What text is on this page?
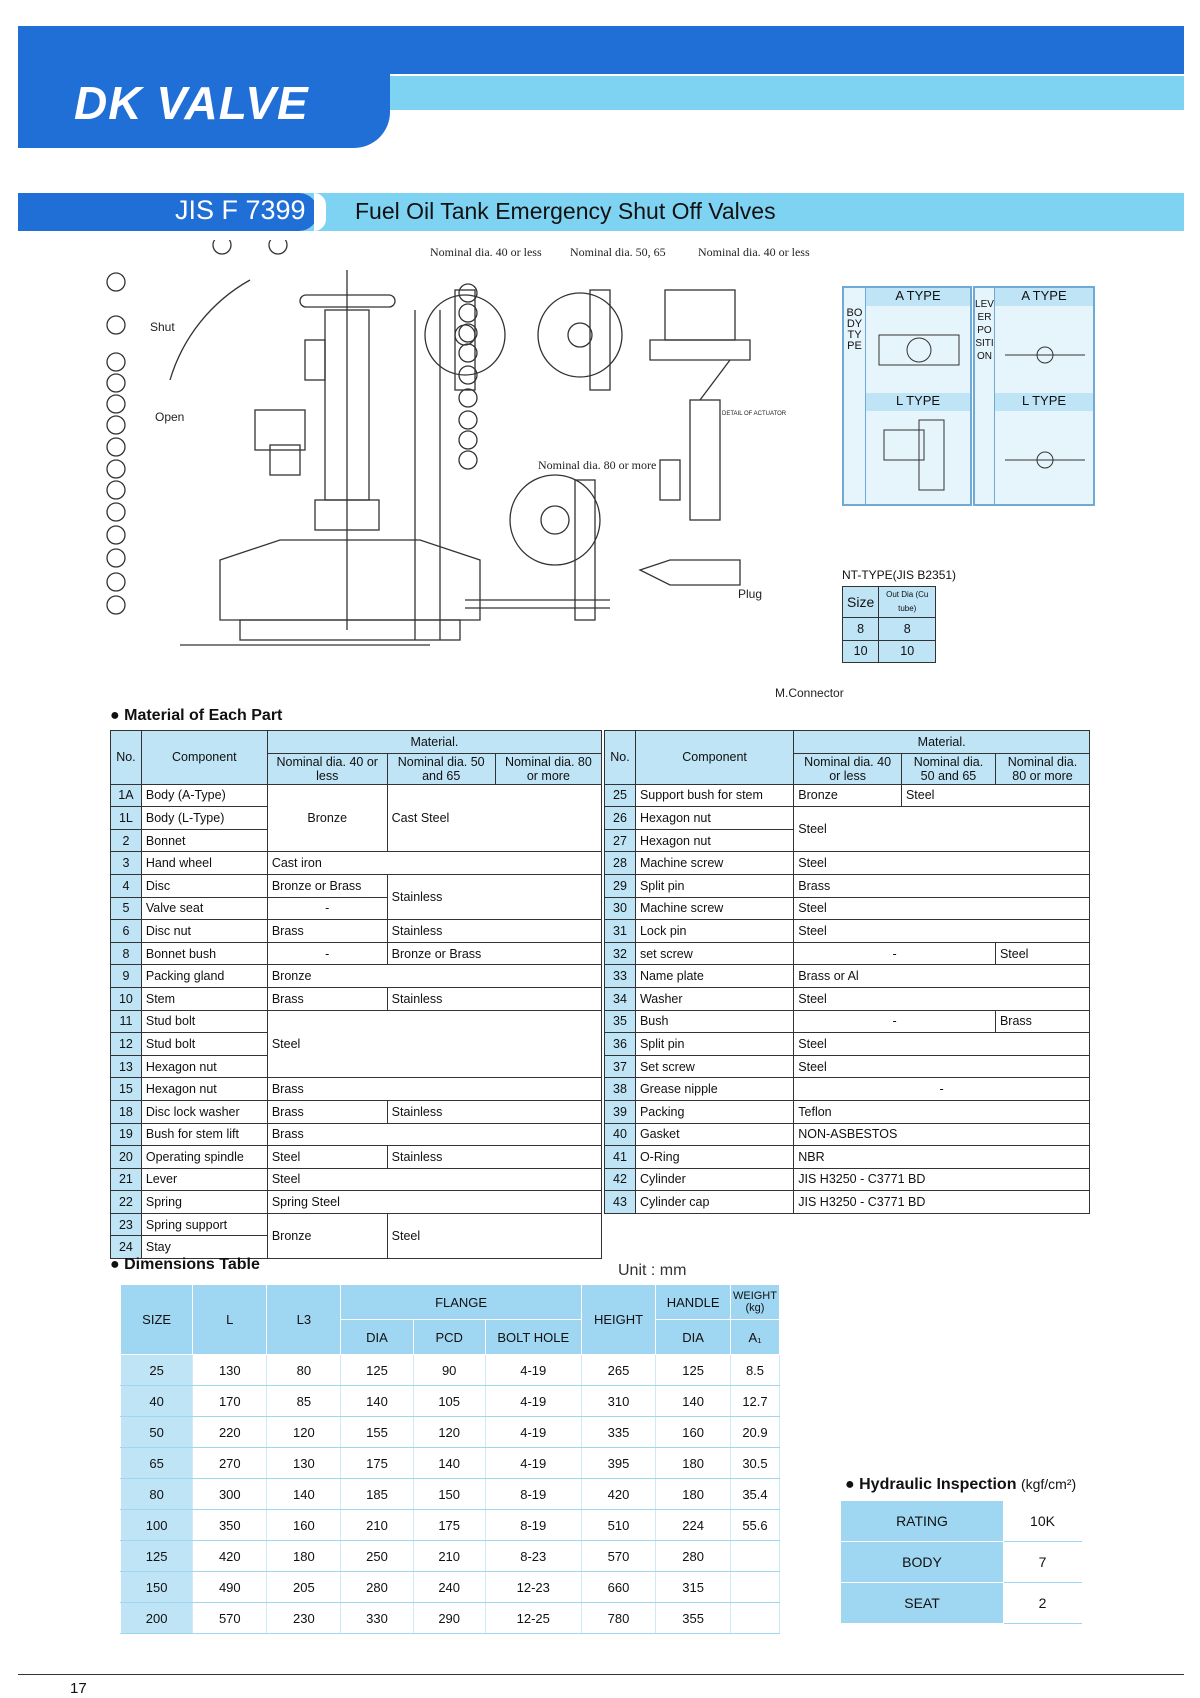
DK VALVE
JIS F 7399 Fuel Oil Tank Emergency Shut Off Valves
Nominal dia. 40 or less Nominal dia. 50, 65	Nominal dia. 40 or less
Nominal dia. 80 or more
Shut
Open
Plug
M.Connector
DETAIL OF ACTUATOR
BODY TYPE
A TYPE
L TYPE
LEVER POSITION
A TYPE
L TYPE
NT-TYPE(JIS B2351)
Size	Out Dia (Cu tube)
8	8
10	10
● Material of Each Part
No.	Component	Material.		
		Nominal dia. 40 or less	Nominal dia. 50 and 65	Nominal dia. 80 or more
1A	Body (A-Type)	Bronze	Cast Steel	
1L	Body (L-Type)			
2	Bonnet			
3	Hand wheel	Cast iron		
4	Disc	Bronze or Brass	Stainless	
5	Valve seat	-		
6	Disc nut	Brass	Stainless	
8	Bonnet bush	-	Bronze or Brass	
9	Packing gland	Bronze		
10	Stem	Brass	Stainless	
11	Stud bolt	Steel		
12	Stud bolt			
13	Hexagon nut			
15	Hexagon nut	Brass		
18	Disc lock washer	Brass	Stainless	
19	Bush for stem lift	Brass		
20	Operating spindle	Steel	Stainless	
21	Lever	Steel		
22	Spring	Spring Steel		
23	Spring support	Bronze	Steel	
24	Stay			
No.	Component	Material.		
		Nominal dia. 40 or less	Nominal dia. 50 and 65	Nominal dia. 80 or more
25	Support bush for stem	Bronze	Steel	
26	Hexagon nut	Steel		
27	Hexagon nut			
28	Machine screw	Steel		
29	Split pin	Brass		
30	Machine screw	Steel		
31	Lock pin	Steel		
32	set screw	-		Steel
33	Name plate	Brass or Al		
34	Washer	Steel		
35	Bush	-		Brass
36	Split pin	Steel		
37	Set screw	Steel		
38	Grease nipple	-		
39	Packing	Teflon		
40	Gasket	NON-ASBESTOS		
41	O-Ring	NBR		
42	Cylinder	JIS H3250 - C3771 BD		
43	Cylinder cap	JIS H3250 - C3771 BD		
● Dimensions Table	Unit : mm
SIZE	L	L3	FLANGE			HEIGHT	HANDLE	WEIGHT (kg)
			DIA	PCD	BOLT HOLE		DIA	A₁
25	130	80	125	90	4-19	265	125	8.5
40	170	85	140	105	4-19	310	140	12.7
50	220	120	155	120	4-19	335	160	20.9
65	270	130	175	140	4-19	395	180	30.5
80	300	140	185	150	8-19	420	180	35.4
100	350	160	210	175	8-19	510	224	55.6
125	420	180	250	210	8-23	570	280	
150	490	205	280	240	12-23	660	315	
200	570	230	330	290	12-25	780	355	
● Hydraulic Inspection (kgf/cm²)
RATING	10K
BODY	7
SEAT	2
17
